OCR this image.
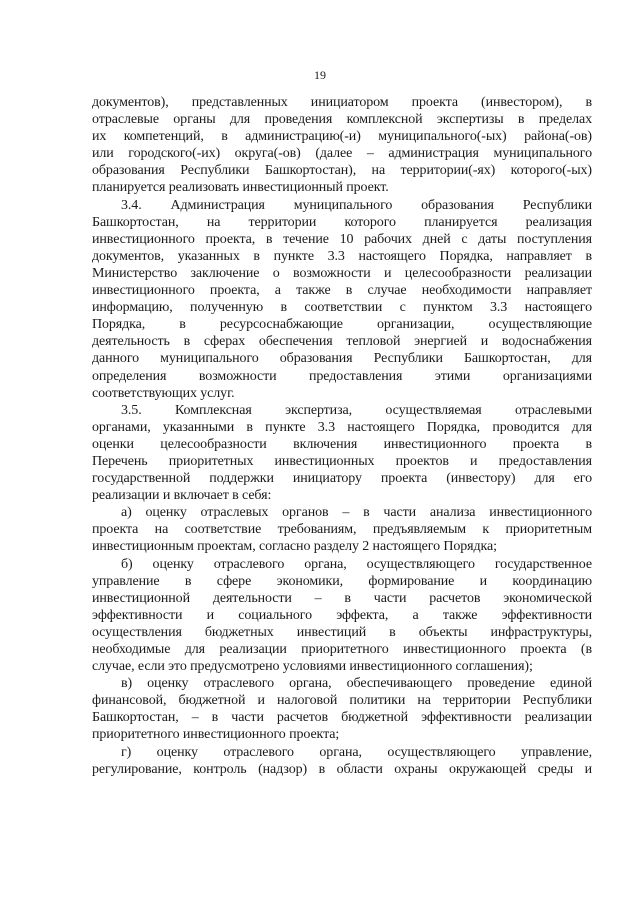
19
документов), представленных инициатором проекта (инвестором), в
отраслевые органы для проведения комплексной экспертизы в пределах
их компетенций, в администрацию(-и) муниципального(-ых) района(-ов)
или городского(-их) округа(-ов) (далее – администрация муниципального
образования Республики Башкортостан), на территории(-ях) которого(-ых)
планируется реализовать инвестиционный проект.
3.4. Администрация муниципального образования Республики
Башкортостан, на территории которого планируется реализация
инвестиционного проекта, в течение 10 рабочих дней с даты поступления
документов, указанных в пункте 3.3 настоящего Порядка, направляет в
Министерство заключение о возможности и целесообразности реализации
инвестиционного проекта, а также в случае необходимости направляет
информацию, полученную в соответствии с пунктом 3.3 настоящего
Порядка, в ресурсоснабжающие организации, осуществляющие
деятельность в сферах обеспечения тепловой энергией и водоснабжения
данного муниципального образования Республики Башкортостан, для
определения возможности предоставления этими организациями
соответствующих услуг.
3.5. Комплексная экспертиза, осуществляемая отраслевыми
органами, указанными в пункте 3.3 настоящего Порядка, проводится для
оценки целесообразности включения инвестиционного проекта в
Перечень приоритетных инвестиционных проектов и предоставления
государственной поддержки инициатору проекта (инвестору) для его
реализации и включает в себя:
а) оценку отраслевых органов – в части анализа инвестиционного
проекта на соответствие требованиям, предъявляемым к приоритетным
инвестиционным проектам, согласно разделу 2 настоящего Порядка;
б) оценку отраслевого органа, осуществляющего государственное
управление в сфере экономики, формирование и координацию
инвестиционной деятельности – в части расчетов экономической
эффективности и социального эффекта, а также эффективности
осуществления бюджетных инвестиций в объекты инфраструктуры,
необходимые для реализации приоритетного инвестиционного проекта (в
случае, если это предусмотрено условиями инвестиционного соглашения);
в) оценку отраслевого органа, обеспечивающего проведение единой
финансовой, бюджетной и налоговой политики на территории Республики
Башкортостан, – в части расчетов бюджетной эффективности реализации
приоритетного инвестиционного проекта;
г) оценку отраслевого органа, осуществляющего управление,
регулирование, контроль (надзор) в области охраны окружающей среды и
